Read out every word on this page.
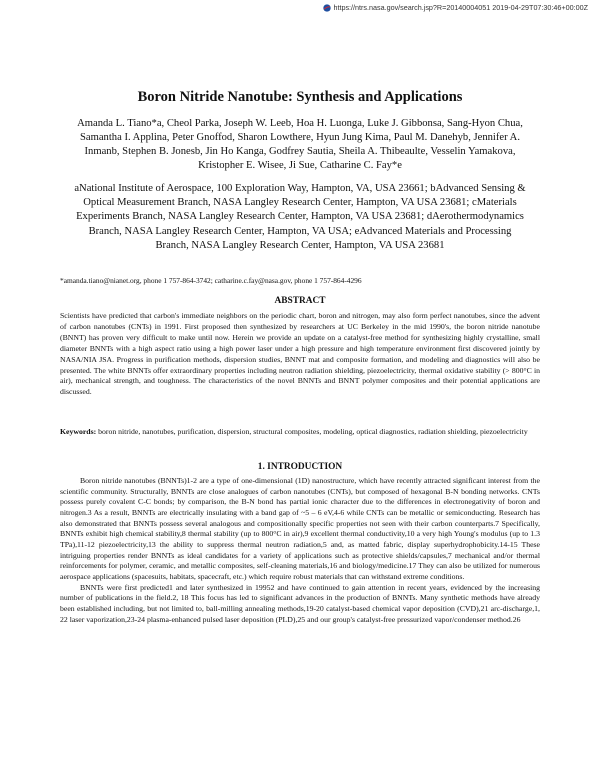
https://ntrs.nasa.gov/search.jsp?R=20140004051 2019-04-29T07:30:46+00:00Z
Boron Nitride Nanotube: Synthesis and Applications
Amanda L. Tiano*a, Cheol Parka, Joseph W. Leeb, Hoa H. Luonga, Luke J. Gibbonsa, Sang-Hyon Chua, Samantha I. Applina, Peter Gnoffod, Sharon Lowthere, Hyun Jung Kima, Paul M. Danehyb, Jennifer A. Inmanb, Stephen B. Jonesb, Jin Ho Kanga, Godfrey Sautia, Sheila A. Thibeaulte, Vesselin Yamakova, Kristopher E. Wisee, Ji Sue, Catharine C. Fay*e
aNational Institute of Aerospace, 100 Exploration Way, Hampton, VA, USA 23661; bAdvanced Sensing & Optical Measurement Branch, NASA Langley Research Center, Hampton, VA USA 23681; cMaterials Experiments Branch, NASA Langley Research Center, Hampton, VA USA 23681; dAerothermodynamics Branch, NASA Langley Research Center, Hampton, VA USA; eAdvanced Materials and Processing Branch, NASA Langley Research Center, Hampton, VA USA 23681
*amanda.tiano@nianet.org, phone 1 757-864-3742; catharine.c.fay@nasa.gov, phone 1 757-864-4296
ABSTRACT
Scientists have predicted that carbon's immediate neighbors on the periodic chart, boron and nitrogen, may also form perfect nanotubes, since the advent of carbon nanotubes (CNTs) in 1991. First proposed then synthesized by researchers at UC Berkeley in the mid 1990's, the boron nitride nanotube (BNNT) has proven very difficult to make until now. Herein we provide an update on a catalyst-free method for synthesizing highly crystalline, small diameter BNNTs with a high aspect ratio using a high power laser under a high pressure and high temperature environment first discovered jointly by NASA/NIA JSA. Progress in purification methods, dispersion studies, BNNT mat and composite formation, and modeling and diagnostics will also be presented. The white BNNTs offer extraordinary properties including neutron radiation shielding, piezoelectricity, thermal oxidative stability (> 800°C in air), mechanical strength, and toughness. The characteristics of the novel BNNTs and BNNT polymer composites and their potential applications are discussed.
Keywords: boron nitride, nanotubes, purification, dispersion, structural composites, modeling, optical diagnostics, radiation shielding, piezoelectricity
1. INTRODUCTION

Boron nitride nanotubes (BNNTs)1-2 are a type of one-dimensional (1D) nanostructure, which have recently attracted significant interest from the scientific community. Structurally, BNNTs are close analogues of carbon nanotubes (CNTs), but composed of hexagonal B-N bonding networks. CNTs possess purely covalent C-C bonds; by comparison, the B-N bond has partial ionic character due to the differences in electronegativity of boron and nitrogen.3 As a result, BNNTs are electrically insulating with a band gap of ~5 – 6 eV,4-6 while CNTs can be metallic or semiconducting. Research has also demonstrated that BNNTs possess several analogous and compositionally specific properties not seen with their carbon counterparts.7 Specifically, BNNTs exhibit high chemical stability,8 thermal stability (up to 800°C in air),9 excellent thermal conductivity,10 a very high Young's modulus (up to 1.3 TPa),11-12 piezoelectricity,13 the ability to suppress thermal neutron radiation,5 and, as matted fabric, display superhydrophobicity.14-15 These intriguing properties render BNNTs as ideal candidates for a variety of applications such as protective shields/capsules,7 mechanical and/or thermal reinforcements for polymer, ceramic, and metallic composites, self-cleaning materials,16 and biology/medicine.17 They can also be utilized for numerous aerospace applications (spacesuits, habitats, spacecraft, etc.) which require robust materials that can withstand extreme conditions.

BNNTs were first predicted1 and later synthesized in 19952 and have continued to gain attention in recent years, evidenced by the increasing number of publications in the field.2, 18 This focus has led to significant advances in the production of BNNTs. Many synthetic methods have already been established including, but not limited to, ball-milling annealing methods,19-20 catalyst-based chemical vapor deposition (CVD),21 arc-discharge,1, 22 laser vaporization,23-24 plasma-enhanced pulsed laser deposition (PLD),25 and our group's catalyst-free pressurized vapor/condenser method.26
